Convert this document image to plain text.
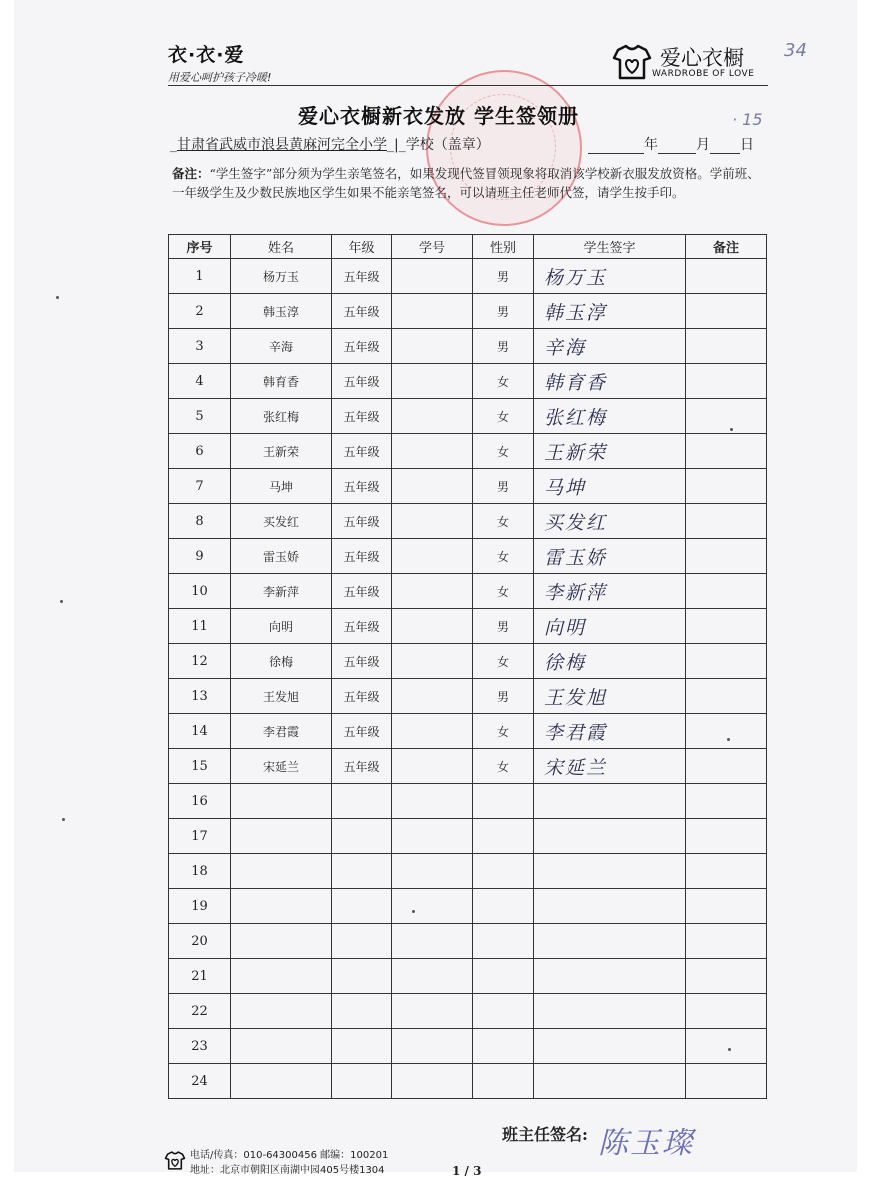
衣·衣·爱
用爱心呵护孩子冷暖!
爱心衣橱
WARDROBE OF LOVE
34
· 15
爱心衣橱新衣发放 学生签领册
_甘肃省武威市浪县黄麻河完全小学_|_学校（盖章）	年	月 日
备注：“学生签字”部分须为学生亲笔签名，如果发现代签冒领现象将取消该学校新衣服发放资格。学前班、一年级学生及少数民族地区学生如果不能亲笔签名，可以请班主任老师代签，请学生按手印。
序号	姓名	年级	学号	性别	学生签字	备注
1	杨万玉	五年级		男	杨万玉	
2	韩玉淳	五年级		男	韩玉淳	
3	辛海	五年级		男	辛海	
4	韩育香	五年级		女	韩育香	
5	张红梅	五年级		女	张红梅	
6	王新荣	五年级		女	王新荣	
7	马坤	五年级		男	马坤	
8	买发红	五年级		女	买发红	
9	雷玉娇	五年级		女	雷玉娇	
10	李新萍	五年级		女	李新萍	
11	向明	五年级		男	向明	
12	徐梅	五年级		女	徐梅	
13	王发旭	五年级		男	王发旭	
14	李君霞	五年级		女	李君霞	
15	宋延兰	五年级		女	宋延兰	
16						
17						
18						
19						
20						
21						
22						
23						
24						
班主任签名: 陈玉璨
电话/传真：010-64300456 邮编：100201
地址：北京市朝阳区南湖中园405号楼1304	1 / 3
